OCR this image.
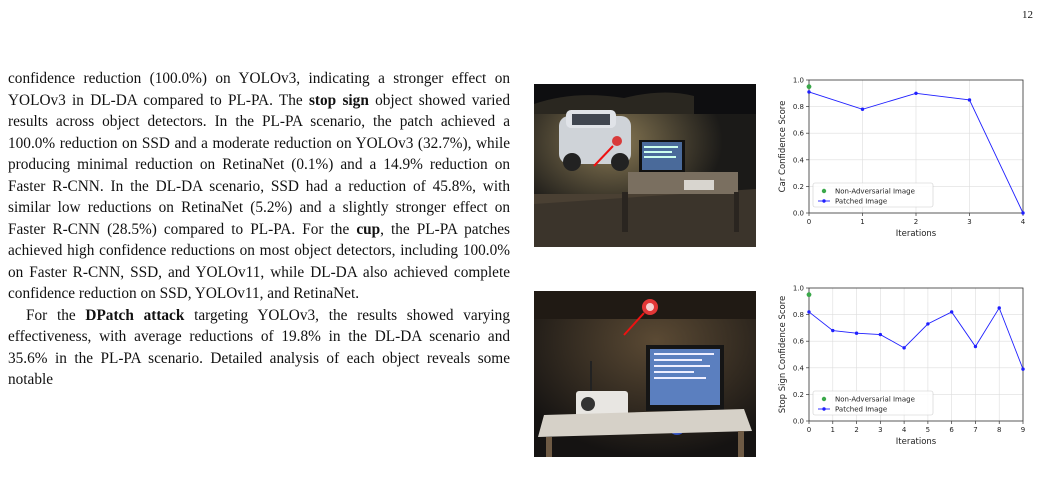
12

confidence reduction (100.0%) on YOLOv3, indicating a stronger effect on YOLOv3 in DL-DA compared to PL-PA. The stop sign object showed varied results across object detectors. In the PL-PA scenario, the patch achieved a 100.0% reduction on SSD and a moderate reduction on YOLOv3 (32.7%), while producing minimal reduction on RetinaNet (0.1%) and a 14.9% reduction on Faster R-CNN. In the DL-DA scenario, SSD had a reduction of 45.8%, with similar low reductions on RetinaNet (5.2%) and a slightly stronger effect on Faster R-CNN (28.5%) compared to PL-PA. For the cup, the PL-PA patches achieved high confidence reductions on most object detectors, including 100.0% on Faster R-CNN, SSD, and YOLOv11, while DL-DA also achieved complete confidence reduction on SSD, YOLOv11, and RetinaNet.

For the DPatch attack targeting YOLOv3, the results showed varying effectiveness, with average reductions of 19.8% in the DL-DA scenario and 35.6% in the PL-PA scenario. Detailed analysis of each object reveals some notable

0	1	2	3	4
0.0
0.2
0.4
0.6
0.8
1.0
Iterations
Car Confidence Score	Non-Adversarial Image
Patched Image
0	1	2	3	4	5	6	7	8	9
0.0
0.2
0.4
0.6
0.8
1.0
Iterations
Stop Sign Confidence Score	Non-Adversarial Image
Patched Image
